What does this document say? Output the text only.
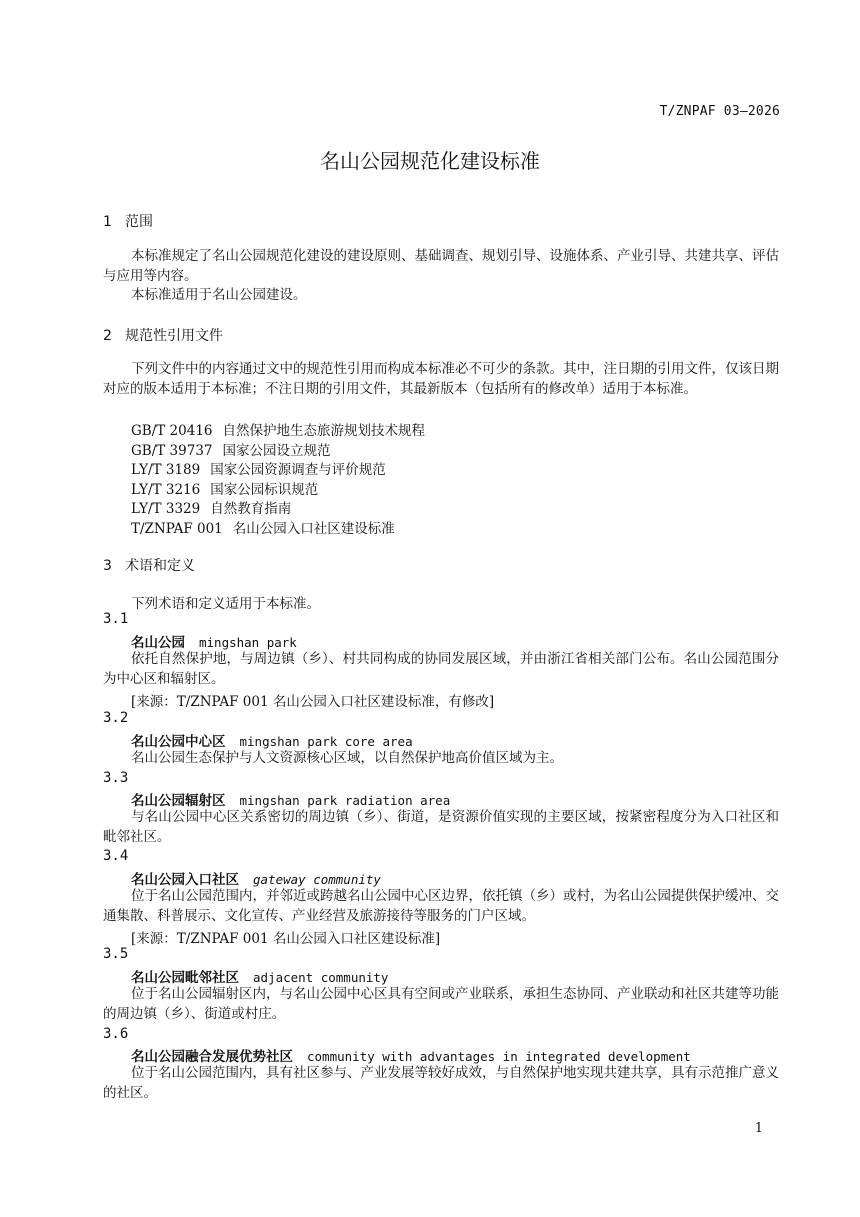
T/ZNPAF 03—2026
名山公园规范化建设标准
1 范围
本标准规定了名山公园规范化建设的建设原则、基础调查、规划引导、设施体系、产业引导、共建共享、评估与应用等内容。
本标准适用于名山公园建设。
2 规范性引用文件
下列文件中的内容通过文中的规范性引用而构成本标准必不可少的条款。其中，注日期的引用文件，仅该日期对应的版本适用于本标准；不注日期的引用文件，其最新版本（包括所有的修改单）适用于本标准。
GB/T 20416 自然保护地生态旅游规划技术规程
GB/T 39737 国家公园设立规范
LY/T 3189 国家公园资源调查与评价规范
LY/T 3216 国家公园标识规范
LY/T 3329 自然教育指南
T/ZNPAF 001 名山公园入口社区建设标准
3 术语和定义
下列术语和定义适用于本标准。
3.1
名山公园 mingshan park
依托自然保护地，与周边镇（乡）、村共同构成的协同发展区域，并由浙江省相关部门公布。名山公园范围分为中心区和辐射区。
[来源：T/ZNPAF 001 名山公园入口社区建设标准，有修改]
3.2
名山公园中心区 mingshan park core area
名山公园生态保护与人文资源核心区域，以自然保护地高价值区域为主。
3.3
名山公园辐射区 mingshan park radiation area
与名山公园中心区关系密切的周边镇（乡）、街道，是资源价值实现的主要区域，按紧密程度分为入口社区和毗邻社区。
3.4
名山公园入口社区 gateway community
位于名山公园范围内，并邻近或跨越名山公园中心区边界，依托镇（乡）或村，为名山公园提供保护缓冲、交通集散、科普展示、文化宣传、产业经营及旅游接待等服务的门户区域。
[来源：T/ZNPAF 001 名山公园入口社区建设标准]
3.5
名山公园毗邻社区 adjacent community
位于名山公园辐射区内，与名山公园中心区具有空间或产业联系，承担生态协同、产业联动和社区共建等功能的周边镇（乡）、街道或村庄。
3.6
名山公园融合发展优势社区 community with advantages in integrated development
位于名山公园范围内，具有社区参与、产业发展等较好成效，与自然保护地实现共建共享，具有示范推广意义的社区。
1
